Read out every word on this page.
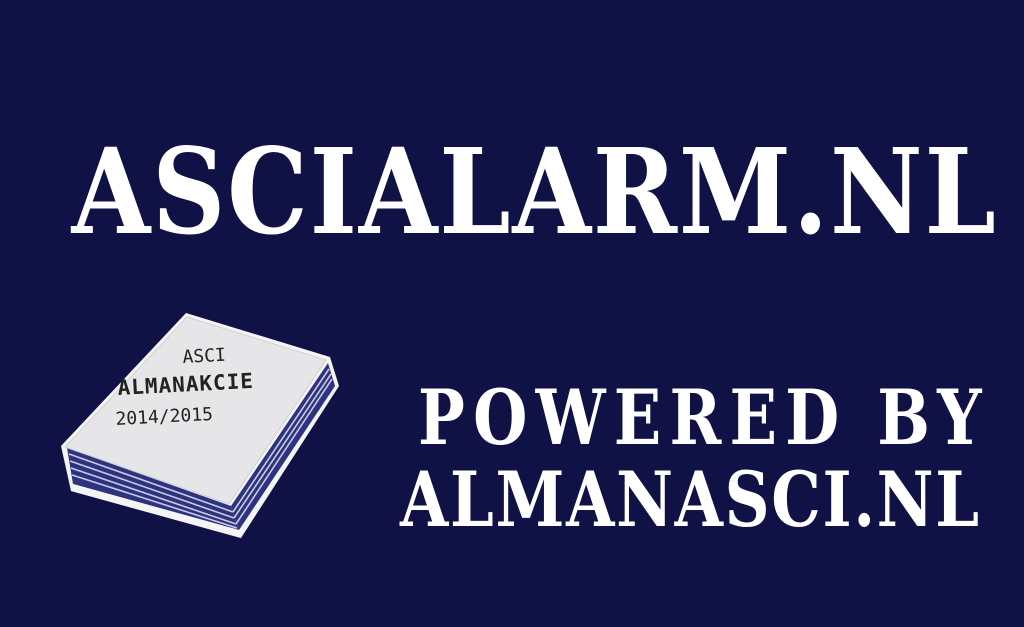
ASCIALARM.NL
ASCI
ALMANAKCIE
2014/2015	POWERED BY
ALMANASCI.NL
